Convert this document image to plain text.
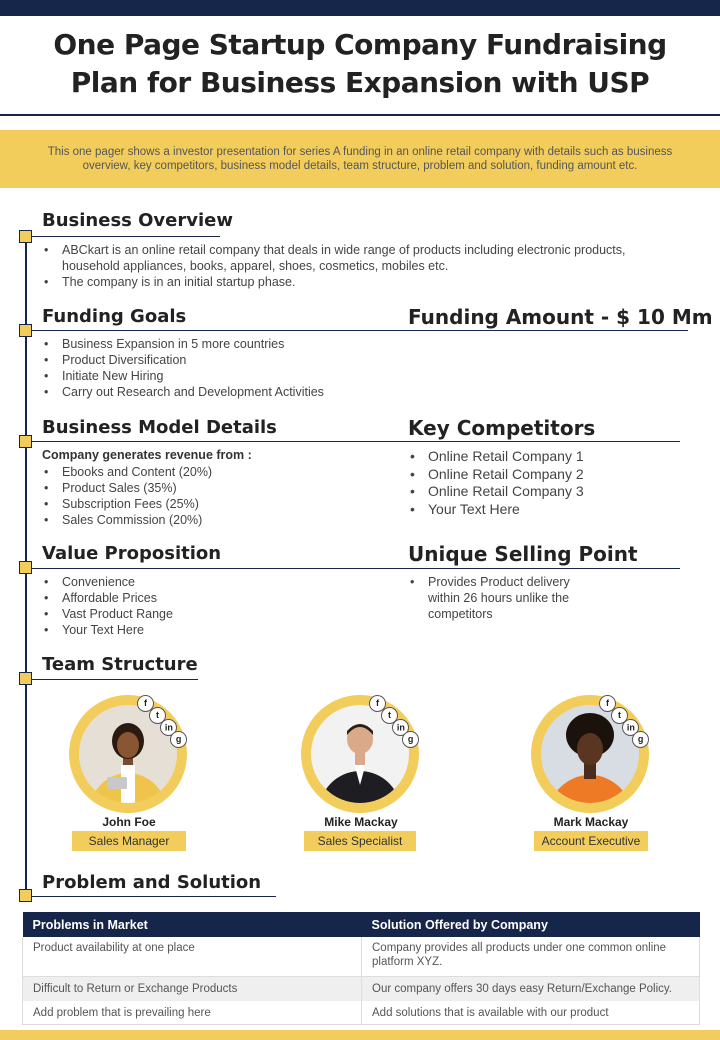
One Page Startup Company Fundraising
Plan for Business Expansion with USP
This one pager shows a investor presentation for series A funding in an online retail company with details such as business
overview, key competitors, business model details, team structure, problem and solution, funding amount etc.
Business Overview
• ABCkart is an online retail company that deals in wide range of products including electronic products,
household appliances, books, apparel, shoes, cosmetics, mobiles etc.
• The company is in an initial startup phase.
Funding Goals	Funding Amount - $ 10 Mm
• Business Expansion in 5 more countries
• Product Diversification
• Initiate New Hiring
• Carry out Research and Development Activities
Business Model Details	Key Competitors
Company generates revenue from :
• Ebooks and Content (20%)
• Product Sales (35%)
• Subscription Fees (25%)
• Sales Commission (20%)
• Online Retail Company 1
• Online Retail Company 2
• Online Retail Company 3
• Your Text Here
Value Proposition	Unique Selling Point
• Convenience
• Affordable Prices
• Vast Product Range
• Your Text Here
• Provides Product delivery
within 26 hours unlike the
competitors
Team Structure
f
t
in
g
John Foe
Sales Manager
f
t
in
g
Mike Mackay
Sales Specialist
f
t
in
g
Mark Mackay
Account Executive
Problem and Solution
Problems in Market	Solution Offered by Company
Product availability at one place	Company provides all products under one common online
platform XYZ.
Difficult to Return or Exchange Products	Our company offers 30 days easy Return/Exchange Policy.
Add problem that is prevailing here	Add solutions that is available with our product
